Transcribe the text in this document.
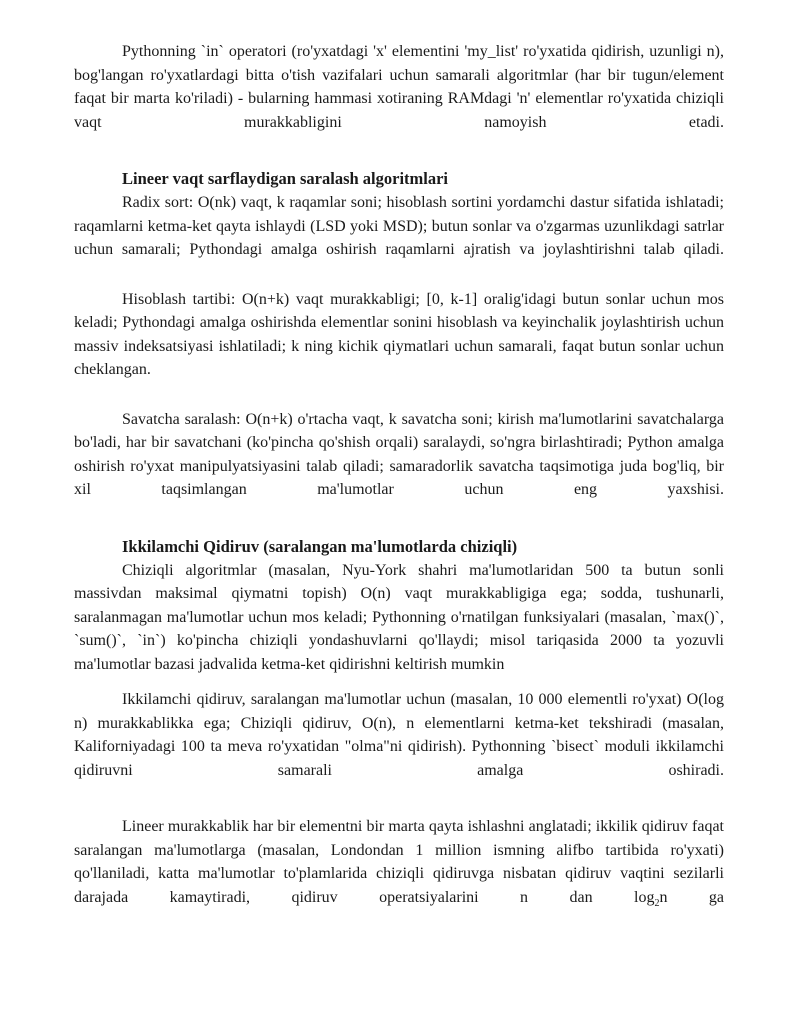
Pythonning `in` operatori (ro'yxatdagi 'x' elementini 'my_list' ro'yxatida qidirish, uzunligi n), bog'langan ro'yxatlardagi bitta o'tish vazifalari uchun samarali algoritmlar (har bir tugun/element faqat bir marta ko'riladi) - bularning hammasi xotiraning RAMdagi 'n' elementlar ro'yxatida chiziqli vaqt murakkabligini namoyish etadi.

Lineer vaqt sarflaydigan saralash algoritmlari

Radix sort: O(nk) vaqt, k raqamlar soni; hisoblash sortini yordamchi dastur sifatida ishlatadi; raqamlarni ketma-ket qayta ishlaydi (LSD yoki MSD); butun sonlar va o'zgarmas uzunlikdagi satrlar uchun samarali; Pythondagi amalga oshirish raqamlarni ajratish va joylashtirishni talab qiladi.

Hisoblash tartibi: O(n+k) vaqt murakkabligi; [0, k-1] oralig'idagi butun sonlar uchun mos keladi; Pythondagi amalga oshirishda elementlar sonini hisoblash va keyinchalik joylashtirish uchun massiv indeksatsiyasi ishlatiladi; k ning kichik qiymatlari uchun samarali, faqat butun sonlar uchun cheklangan.

Savatcha saralash: O(n+k) o'rtacha vaqt, k savatcha soni; kirish ma'lumotlarini savatchalarga bo'ladi, har bir savatchani (ko'pincha qo'shish orqali) saralaydi, so'ngra birlashtiradi; Python amalga oshirish ro'yxat manipulyatsiyasini talab qiladi; samaradorlik savatcha taqsimotiga juda bog'liq, bir xil taqsimlangan ma'lumotlar uchun eng yaxshisi.

Ikkilamchi Qidiruv (saralangan ma'lumotlarda chiziqli)

Chiziqli algoritmlar (masalan, Nyu-York shahri ma'lumotlaridan 500 ta butun sonli massivdan maksimal qiymatni topish) O(n) vaqt murakkabligiga ega; sodda, tushunarli, saralanmagan ma'lumotlar uchun mos keladi; Pythonning o'rnatilgan funksiyalari (masalan, `max()`, `sum()`, `in`) ko'pincha chiziqli yondashuvlarni qo'llaydi; misol tariqasida 2000 ta yozuvli ma'lumotlar bazasi jadvalida ketma-ket qidirishni keltirish mumkin

Ikkilamchi qidiruv, saralangan ma'lumotlar uchun (masalan, 10 000 elementli ro'yxat) O(log n) murakkablikka ega; Chiziqli qidiruv, O(n), n elementlarni ketma-ket tekshiradi (masalan, Kaliforniyadagi 100 ta meva ro'yxatidan "olma"ni qidirish). Pythonning `bisect` moduli ikkilamchi qidiruvni samarali amalga oshiradi.

Lineer murakkablik har bir elementni bir marta qayta ishlashni anglatadi; ikkilik qidiruv faqat saralangan ma'lumotlarga (masalan, Londondan 1 million ismning alifbo tartibida ro'yxati) qo'llaniladi, katta ma'lumotlar to'plamlarida chiziqli qidiruvga nisbatan qidiruv vaqtini sezilarli darajada kamaytiradi, qidiruv operatsiyalarini n dan $\log_2n$ ga
